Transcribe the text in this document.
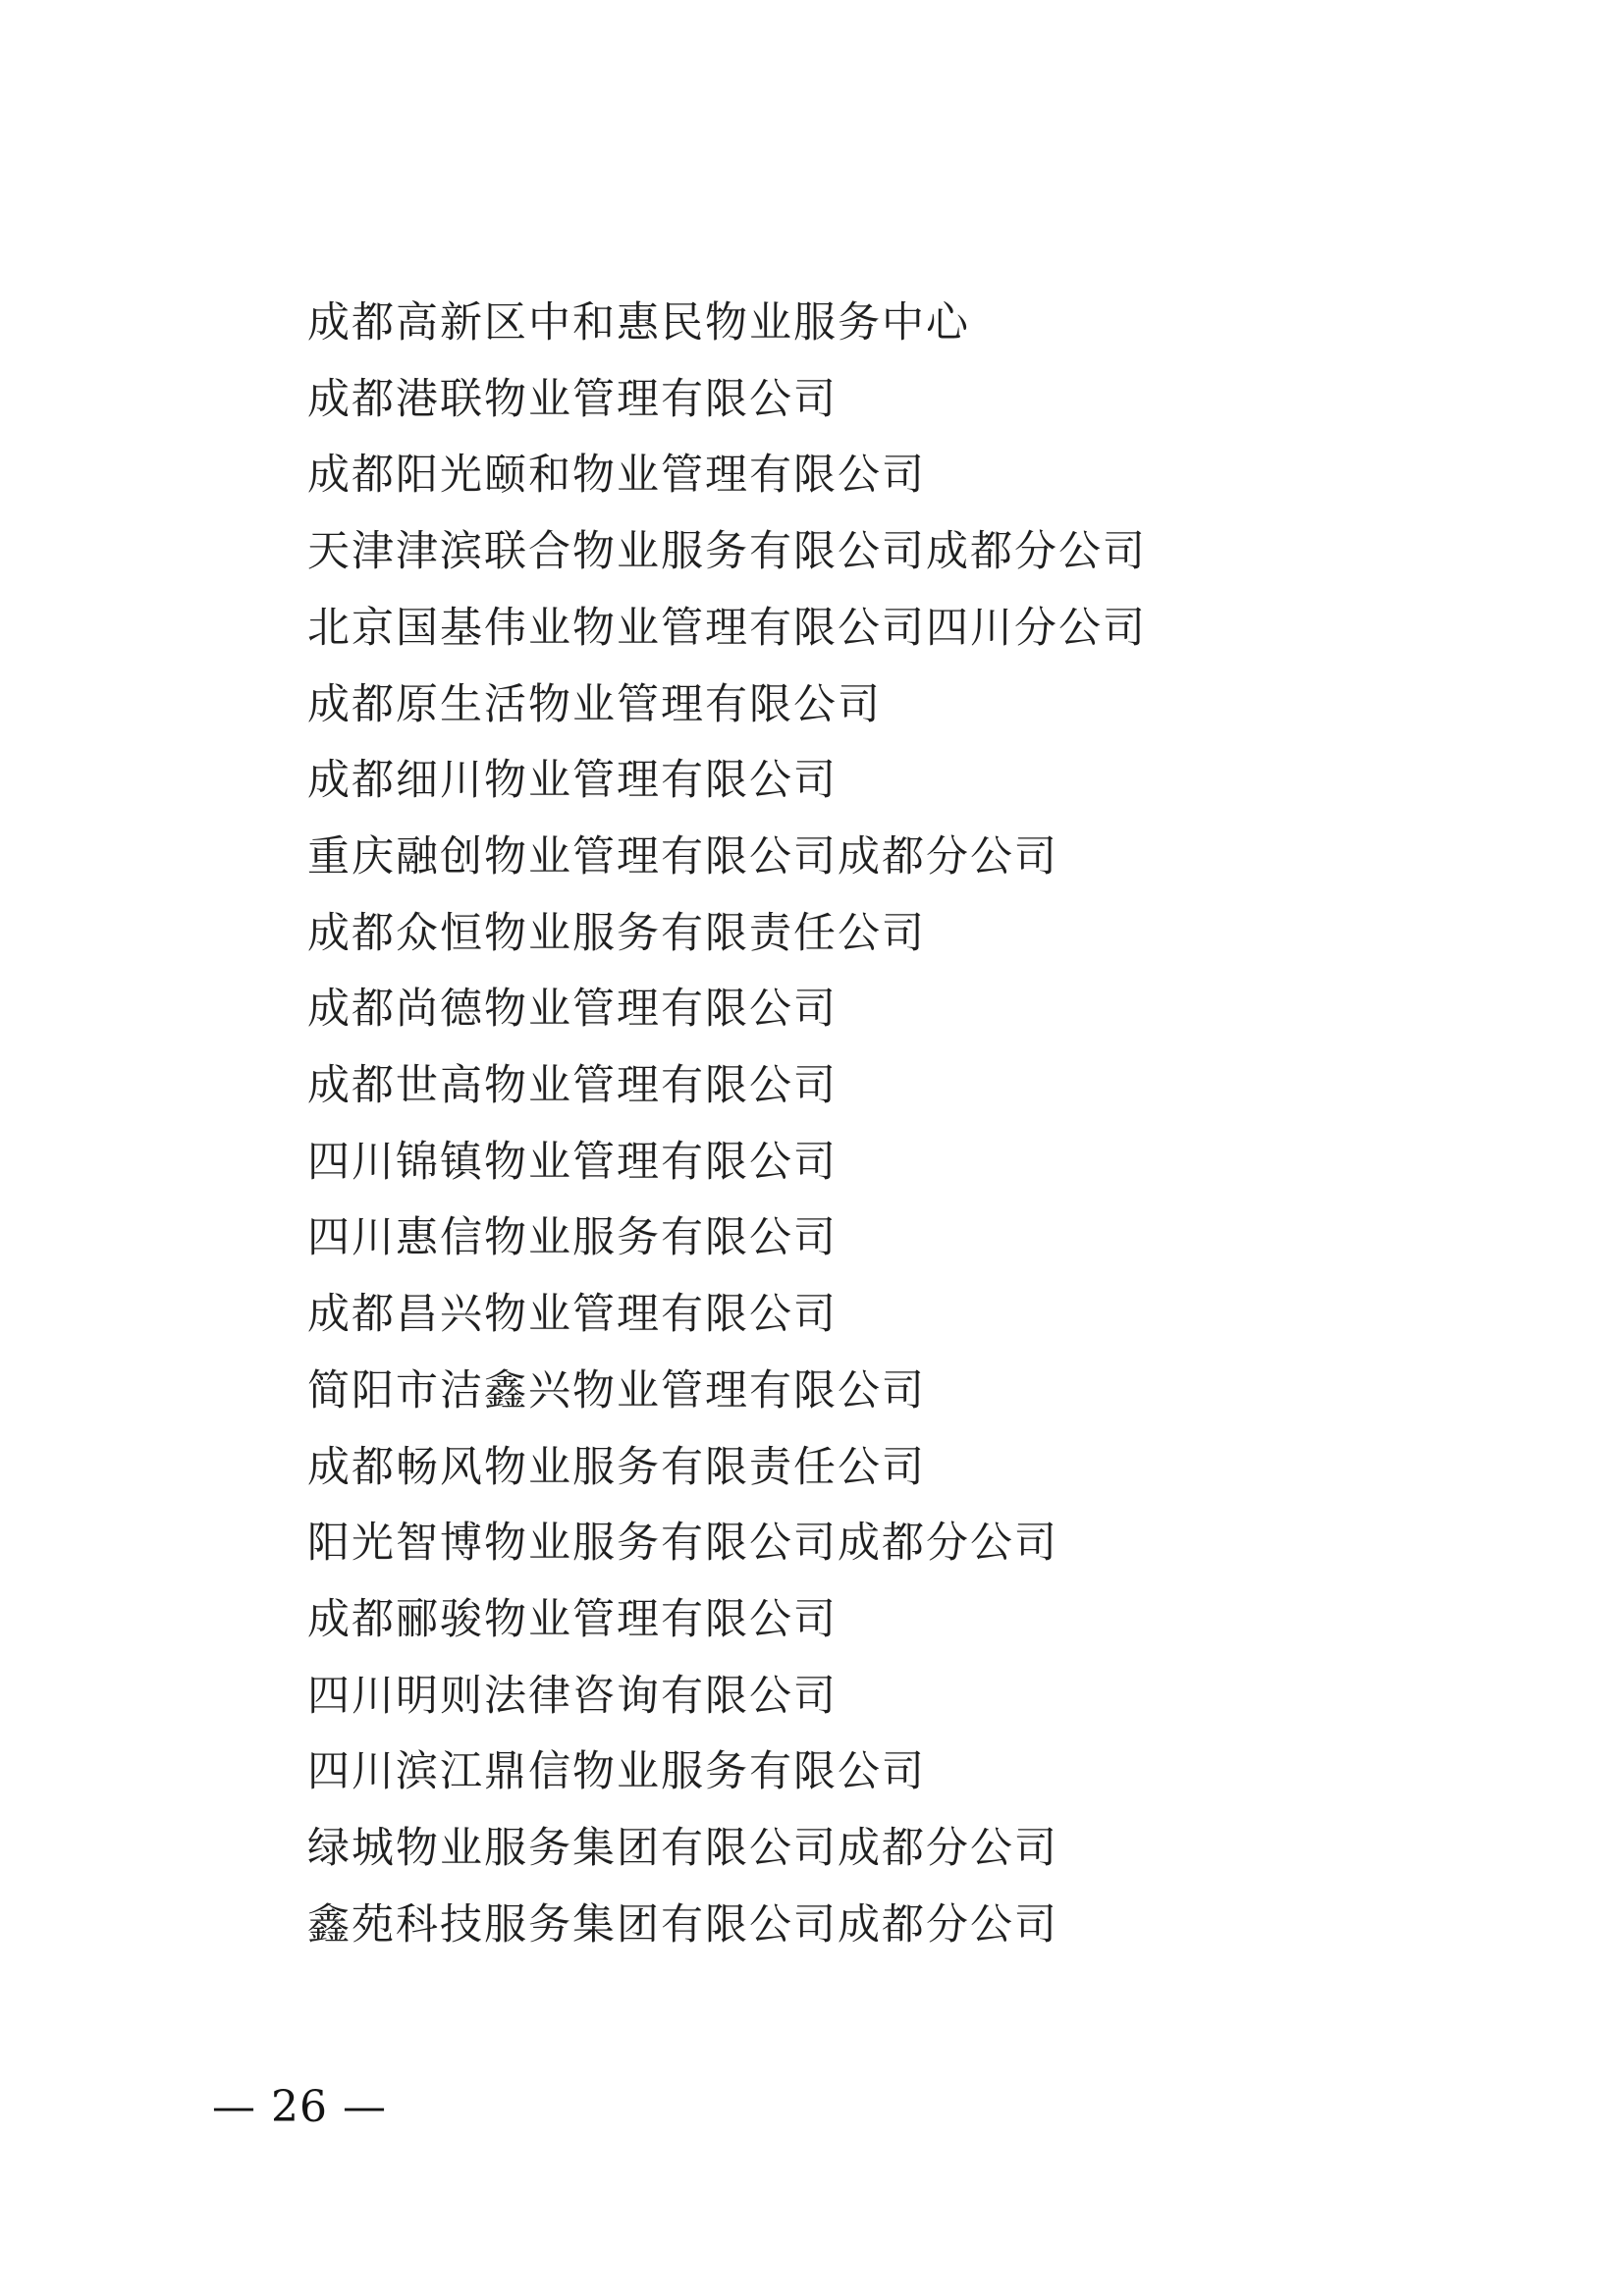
成都高新区中和惠民物业服务中心
成都港联物业管理有限公司
成都阳光颐和物业管理有限公司
天津津滨联合物业服务有限公司成都分公司
北京国基伟业物业管理有限公司四川分公司
成都原生活物业管理有限公司
成都细川物业管理有限公司
重庆融创物业管理有限公司成都分公司
成都众恒物业服务有限责任公司
成都尚德物业管理有限公司
成都世高物业管理有限公司
四川锦镇物业管理有限公司
四川惠信物业服务有限公司
成都昌兴物业管理有限公司
简阳市洁鑫兴物业管理有限公司
成都畅风物业服务有限责任公司
阳光智博物业服务有限公司成都分公司
成都郦骏物业管理有限公司
四川明则法律咨询有限公司
四川滨江鼎信物业服务有限公司
绿城物业服务集团有限公司成都分公司
鑫苑科技服务集团有限公司成都分公司
— 26 —
